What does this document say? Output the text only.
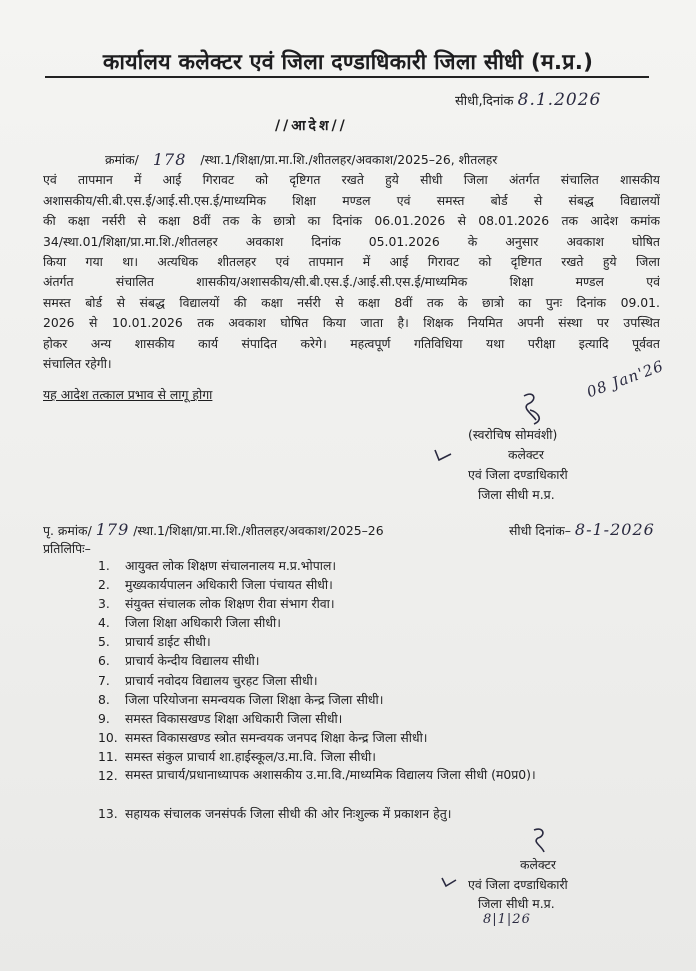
कार्यालय कलेक्टर एवं जिला दण्डाधिकारी जिला सीधी (म.प्र.)
सीधी,दिनांक 8.1.2026
//आदेश//
क्रमांक/ 178 /स्था.1/शिक्षा/प्रा.मा.शि./शीतलहर/अवकाश/2025–26, शीतलहर
एवं तापमान में आई गिरावट को दृष्टिगत रखते हुये सीधी जिला अंतर्गत संचालित शासकीय
अशासकीय/सी.बी.एस.ई/आई.सी.एस.ई/माध्यमिक शिक्षा मण्डल एवं समस्त बोर्ड से संबद्ध विद्यालयों
की कक्षा नर्सरी से कक्षा 8वीं तक के छात्रो का दिनांक 06.01.2026 से 08.01.2026 तक आदेश कमांक
34/स्था.01/शिक्षा/प्रा.मा.शि./शीतलहर अवकाश दिनांक 05.01.2026 के अनुसार अवकाश घोषित
किया गया था। अत्यधिक शीतलहर एवं तापमान में आई गिरावट को दृष्टिगत रखते हुये जिला
अंतर्गत संचालित शासकीय/अशासकीय/सी.बी.एस.ई./आई.सी.एस.ई/माध्यमिक शिक्षा मण्डल एवं
समस्त बोर्ड से संबद्ध विद्यालयों की कक्षा नर्सरी से कक्षा 8वीं तक के छात्रो का पुनः दिनांक 09.01.
2026 से 10.01.2026 तक अवकाश घोषित किया जाता है। शिक्षक नियमित अपनी संस्था पर उपस्थित
होकर अन्य शासकीय कार्य संपादित करेगे। महत्वपूर्ण गतिविधिया यथा परीक्षा इत्यादि पूर्ववत
संचालित रहेगी।
यह आदेश तत्काल प्रभाव से लागू होगा	08 Jan'26
(स्वरोचिष सोमवंशी)
कलेक्टर
एवं जिला दण्डाधिकारी
जिला सीधी म.प्र.
पृ. क्रमांक/ 179 /स्था.1/शिक्षा/प्रा.मा.शि./शीतलहर/अवकाश/2025–26	सीधी दिनांक– 8-1-2026
प्रतिलिपिः–
1.	आयुक्त लोक शिक्षण संचालनालय म.प्र.भोपाल।
2.	मुख्यकार्यपालन अधिकारी जिला पंचायत सीधी।
3.	संयुक्त संचालक लोक शिक्षण रीवा संभाग रीवा।
4.	जिला शिक्षा अधिकारी जिला सीधी।
5.	प्राचार्य डाईट सीधी।
6.	प्राचार्य केन्दीय विद्यालय सीधी।
7.	प्राचार्य नवोदय विद्यालय चुरहट जिला सीधी।
8.	जिला परियोजना समन्वयक जिला शिक्षा केन्द्र जिला सीधी।
9.	समस्त विकासखण्ड शिक्षा अधिकारी जिला सीधी।
10. समस्त विकासखण्ड स्त्रोत समन्वयक जनपद शिक्षा केन्द्र जिला सीधी।
11. समस्त संकुल प्राचार्य शा.हाईस्कूल/उ.मा.वि. जिला सीधी।
12. समस्त प्राचार्य/प्रधानाध्यापक अशासकीय उ.मा.वि./माध्यमिक विद्यालय जिला सीधी (म0प्र0)।
13. सहायक संचालक जनसंपर्क जिला सीधी की ओर निःशुल्क में प्रकाशन हेतु।
कलेक्टर
एवं जिला दण्डाधिकारी
जिला सीधी म.प्र.
8|1|26
